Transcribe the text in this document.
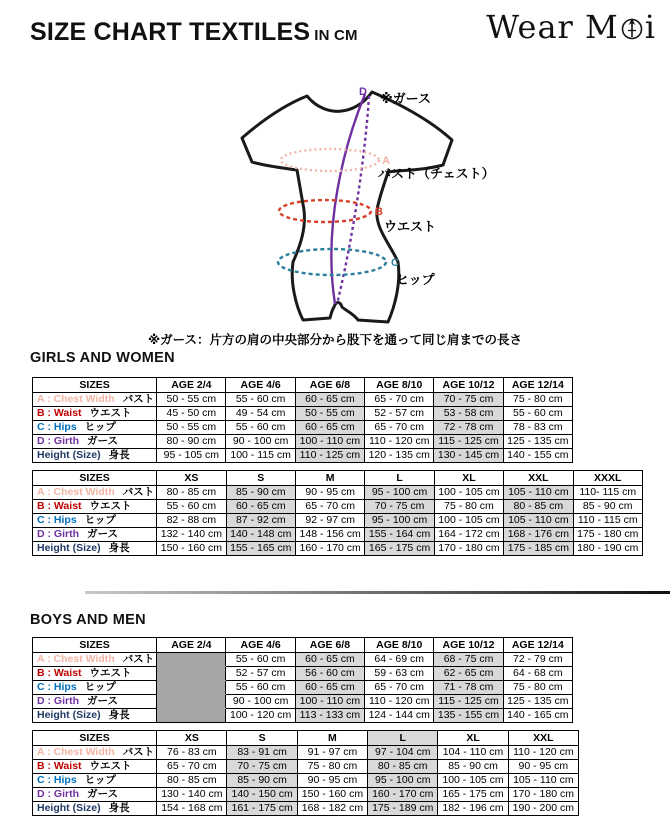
SIZE CHART TEXTILES IN CM	Wear M i
D
A
B
C
※ガース
バスト（チェスト）
ウエスト
ヒップ
※ガース：片方の肩の中央部分から股下を通って同じ肩までの長さ
GIRLS AND WOMEN
SIZES	AGE 2/4	AGE 4/6	AGE 6/8	AGE 8/10	AGE 10/12	AGE 12/14
A : Chest Width バスト	50 - 55 cm	55 - 60 cm	60 - 65 cm	65 - 70 cm	70 - 75 cm	75 - 80 cm
B : Waist ウエスト	45 - 50 cm	49 - 54 cm	50 - 55 cm	52 - 57 cm	53 - 58 cm	55 - 60 cm
C : Hips ヒップ	50 - 55 cm	55 - 60 cm	60 - 65 cm	65 - 70 cm	72 - 78 cm	78 - 83 cm
D : Girth ガース	80 - 90 cm	90 - 100 cm	100 - 110 cm	110 - 120 cm	115 - 125 cm	125 - 135 cm
Height (Size) 身長	95 - 105 cm	100 - 115 cm	110 - 125 cm	120 - 135 cm	130 - 145 cm	140 - 155 cm
SIZES	XS	S	M	L	XL	XXL	XXXL
A : Chest Width バスト	80 - 85 cm	85 - 90 cm	90 - 95 cm	95 - 100 cm	100 - 105 cm	105 - 110 cm	110- 115 cm
B : Waist ウエスト	55 - 60 cm	60 - 65 cm	65 - 70 cm	70 - 75 cm	75 - 80 cm	80 - 85 cm	85 - 90 cm
C : Hips ヒップ	82 - 88 cm	87 - 92 cm	92 - 97 cm	95 - 100 cm	100 - 105 cm	105 - 110 cm	110 - 115 cm
D : Girth ガース	132 - 140 cm	140 - 148 cm	148 - 156 cm	155 - 164 cm	164 - 172 cm	168 - 176 cm	175 - 180 cm
Height (Size) 身長	150 - 160 cm	155 - 165 cm	160 - 170 cm	165 - 175 cm	170 - 180 cm	175 - 185 cm	180 - 190 cm
BOYS AND MEN
SIZES	AGE 2/4	AGE 4/6	AGE 6/8	AGE 8/10	AGE 10/12	AGE 12/14
A : Chest Width バスト		55 - 60 cm	60 - 65 cm	64 - 69 cm	68 - 75 cm	72 - 79 cm
B : Waist ウエスト		52 - 57 cm	56 - 60 cm	59 - 63 cm	62 - 65 cm	64 - 68 cm
C : Hips ヒップ		55 - 60 cm	60 - 65 cm	65 - 70 cm	71 - 78 cm	75 - 80 cm
D : Girth ガース		90 - 100 cm	100 - 110 cm	110 - 120 cm	115 - 125 cm	125 - 135 cm
Height (Size) 身長		100 - 120 cm	113 - 133 cm	124 - 144 cm	135 - 155 cm	140 - 165 cm
SIZES	XS	S	M	L	XL	XXL
A : Chest Width バスト	76 - 83 cm	83 - 91 cm	91 - 97 cm	97 - 104 cm	104 - 110 cm	110 - 120 cm
B : Waist ウエスト	65 - 70 cm	70 - 75 cm	75 - 80 cm	80 - 85 cm	85 - 90 cm	90 - 95 cm
C : Hips ヒップ	80 - 85 cm	85 - 90 cm	90 - 95 cm	95 - 100 cm	100 - 105 cm	105 - 110 cm
D : Girth ガース	130 - 140 cm	140 - 150 cm	150 - 160 cm	160 - 170 cm	165 - 175 cm	170 - 180 cm
Height (Size) 身長	154 - 168 cm	161 - 175 cm	168 - 182 cm	175 - 189 cm	182 - 196 cm	190 - 200 cm
